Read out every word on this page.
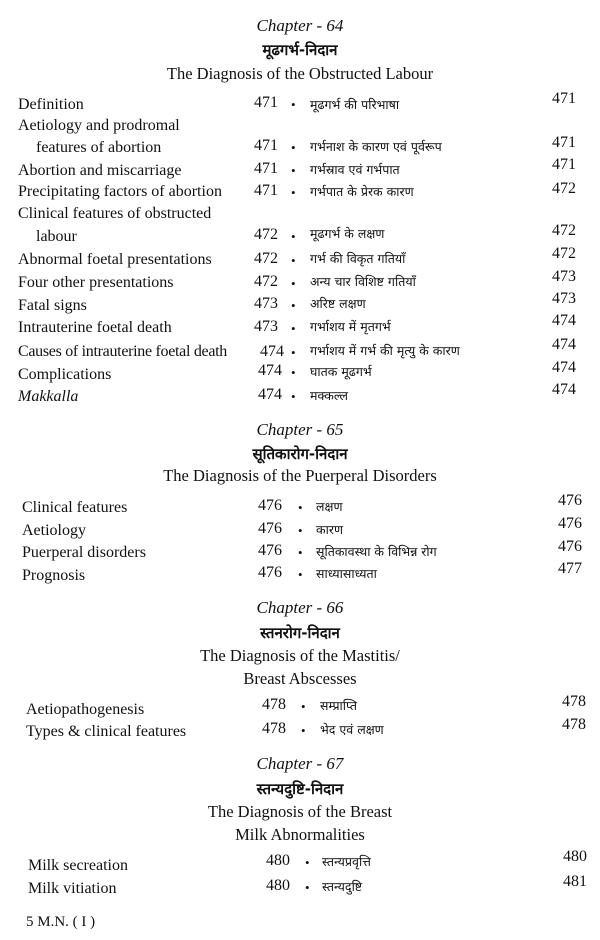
Chapter - 64
मूढगर्भ-निदान
The Diagnosis of the Obstructed Labour
Definition	471 • मूढगर्भ की परिभाषा	471
Aetiology and prodromal
features of abortion	471 • गर्भनाश के कारण एवं पूर्वरूप	471
Abortion and miscarriage	471 • गर्भस्राव एवं गर्भपात	471
Precipitating factors of abortion 471 • गर्भपात के प्रेरक कारण	472
Clinical features of obstructed
labour	472 • मूढगर्भ के लक्षण	472
Abnormal foetal presentations	472 • गर्भ की विकृत गतियाँ	472
Four other presentations	472 • अन्य चार विशिष्ट गतियाँ	473
Fatal signs	473 • अरिष्ट लक्षण	473
Intrauterine foetal death	473 • गर्भाशय में मृतगर्भ	474
Causes of intrauterine foetal death 474 • गर्भाशय में गर्भ की मृत्यु के कारण	474
Complications	474 • घातक मूढगर्भ	474
Makkalla	474 • मक्कल्ल	474
Chapter - 65
सूतिकारोग-निदान
The Diagnosis of the Puerperal Disorders
Clinical features	476 • लक्षण	476
Aetiology	476 • कारण	476
Puerperal disorders	476 • सूतिकावस्था के विभिन्न रोग	476
Prognosis	476 • साध्यासाध्यता	477
Chapter - 66
स्तनरोग-निदान
The Diagnosis of the Mastitis/
Breast Abscesses
Aetiopathogenesis	478 • सम्प्राप्ति	478
Types & clinical features	478 • भेद एवं लक्षण	478
Chapter - 67
स्तन्यदुष्टि-निदान
The Diagnosis of the Breast
Milk Abnormalities
Milk secreation	480 • स्तन्यप्रवृत्ति	480
Milk vitiation	480 • स्तन्यदुष्टि	481
5 M.N. ( I )
